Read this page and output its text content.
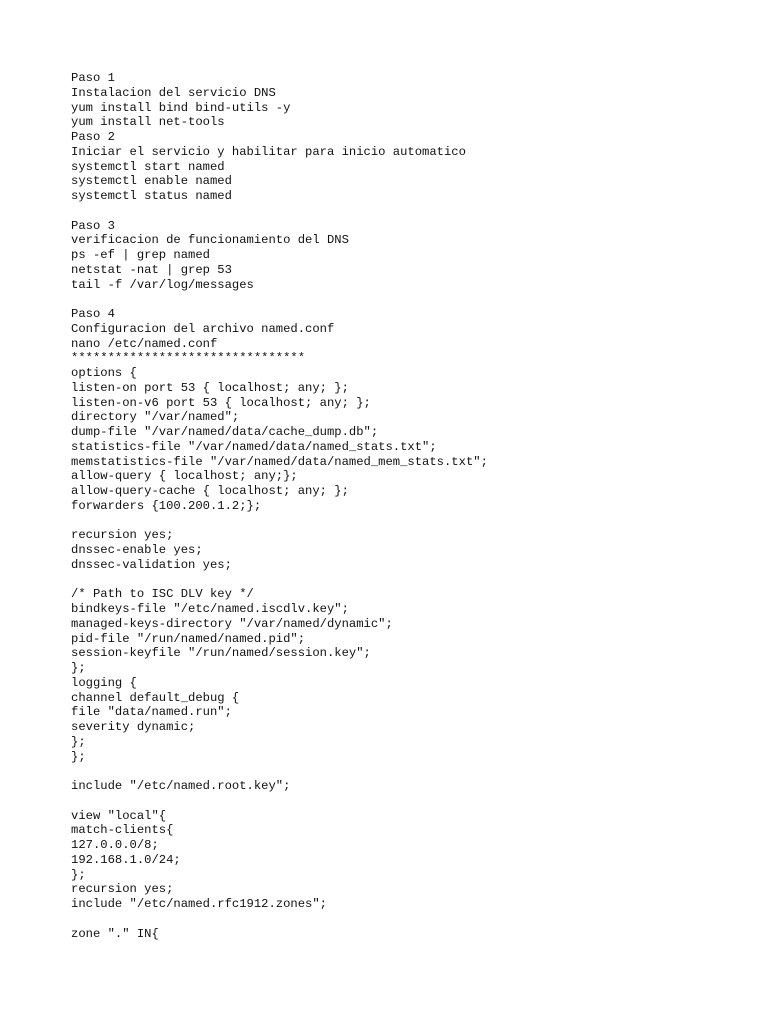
Paso 1
Instalacion del servicio DNS
yum install bind bind-utils -y
yum install net-tools
Paso 2
Iniciar el servicio y habilitar para inicio automatico
systemctl start named
systemctl enable named
systemctl status named
Paso 3
verificacion de funcionamiento del DNS
ps -ef | grep named
netstat -nat | grep 53
tail -f /var/log/messages
Paso 4
Configuracion del archivo named.conf
nano /etc/named.conf
********************************
options {
listen-on port 53 { localhost; any; };
listen-on-v6 port 53 { localhost; any; };
directory "/var/named";
dump-file "/var/named/data/cache_dump.db";
statistics-file "/var/named/data/named_stats.txt";
memstatistics-file "/var/named/data/named_mem_stats.txt";
allow-query { localhost; any;};
allow-query-cache { localhost; any; };
forwarders {100.200.1.2;};
recursion yes;
dnssec-enable yes;
dnssec-validation yes;
/* Path to ISC DLV key */
bindkeys-file "/etc/named.iscdlv.key";
managed-keys-directory "/var/named/dynamic";
pid-file "/run/named/named.pid";
session-keyfile "/run/named/session.key";
};
logging {
channel default_debug {
file "data/named.run";
severity dynamic;
};
};
include "/etc/named.root.key";
view "local"{
match-clients{
127.0.0.0/8;
192.168.1.0/24;
};
recursion yes;
include "/etc/named.rfc1912.zones";
zone "." IN{
